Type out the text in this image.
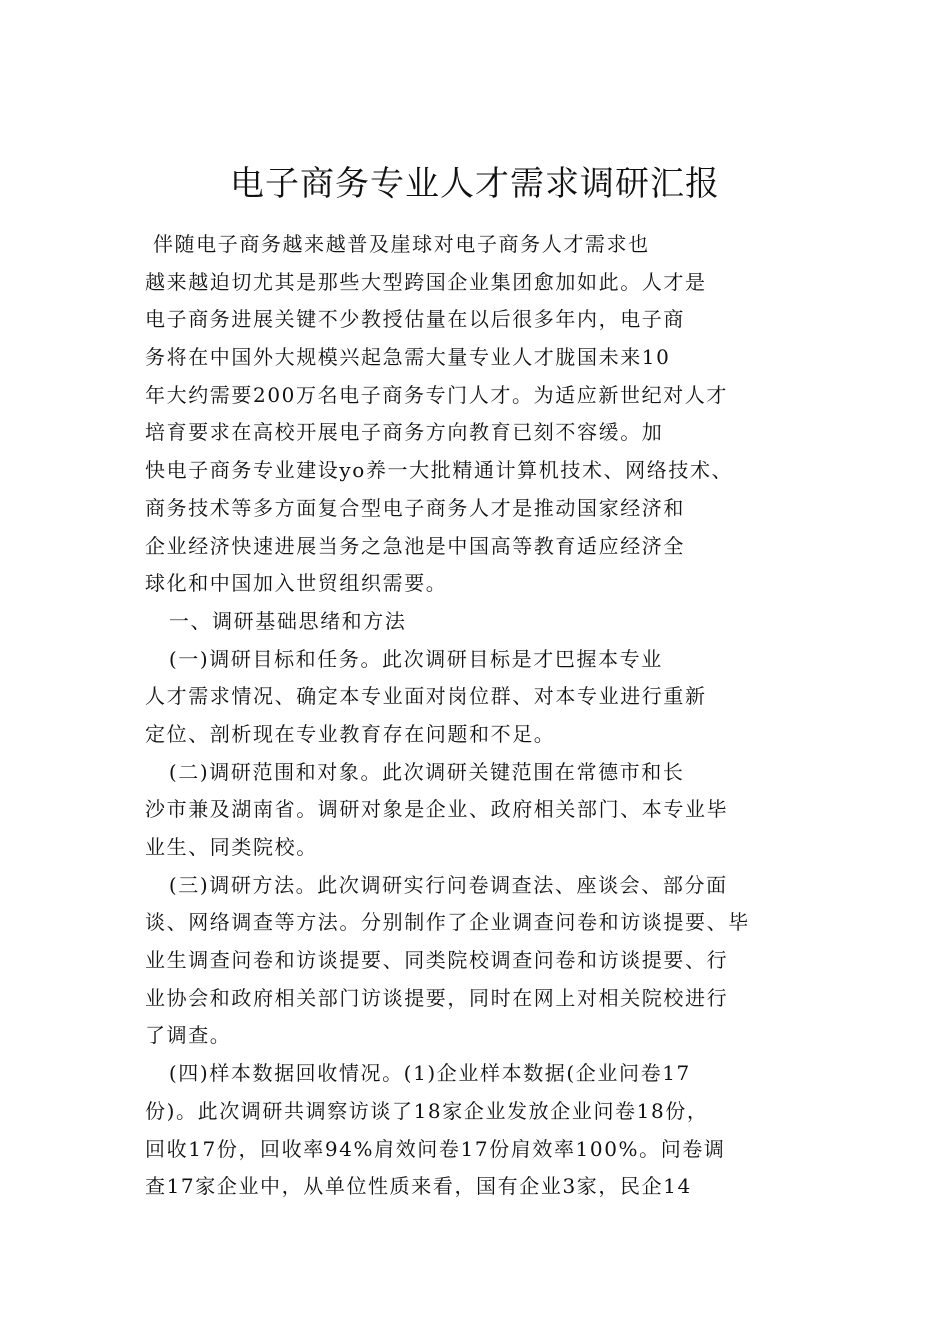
电子商务专业人才需求调研汇报
伴随电子商务越来越普及崖球对电子商务人才需求也
越来越迫切尤其是那些大型跨国企业集团愈加如此。人才是
电子商务进展关键不少教授估量在以后很多年内，电子商
务将在中国外大规模兴起急需大量专业人才胧国未来10
年大约需要200万名电子商务专门人才。为适应新世纪对人才
培育要求在高校开展电子商务方向教育已刻不容缓。加
快电子商务专业建设yo养一大批精通计算机技术、网络技术、
商务技术等多方面复合型电子商务人才是推动国家经济和
企业经济快速进展当务之急池是中国高等教育适应经济全
球化和中国加入世贸组织需要。
一、调研基础思绪和方法
(一)调研目标和任务。此次调研目标是才巴握本专业
人才需求情况、确定本专业面对岗位群、对本专业进行重新
定位、剖析现在专业教育存在问题和不足。
(二)调研范围和对象。此次调研关键范围在常德市和长
沙市兼及湖南省。调研对象是企业、政府相关部门、本专业毕
业生、同类院校。
(三)调研方法。此次调研实行问卷调查法、座谈会、部分面
谈、网络调查等方法。分别制作了企业调查问卷和访谈提要、毕
业生调查问卷和访谈提要、同类院校调查问卷和访谈提要、行
业协会和政府相关部门访谈提要，同时在网上对相关院校进行
了调查。
(四)样本数据回收情况。(1)企业样本数据(企业问卷17
份)。此次调研共调察访谈了18家企业发放企业问卷18份，
回收17份，回收率94%肩效问卷17份肩效率100%。问卷调
查17家企业中，从单位性质来看，国有企业3家，民企14
